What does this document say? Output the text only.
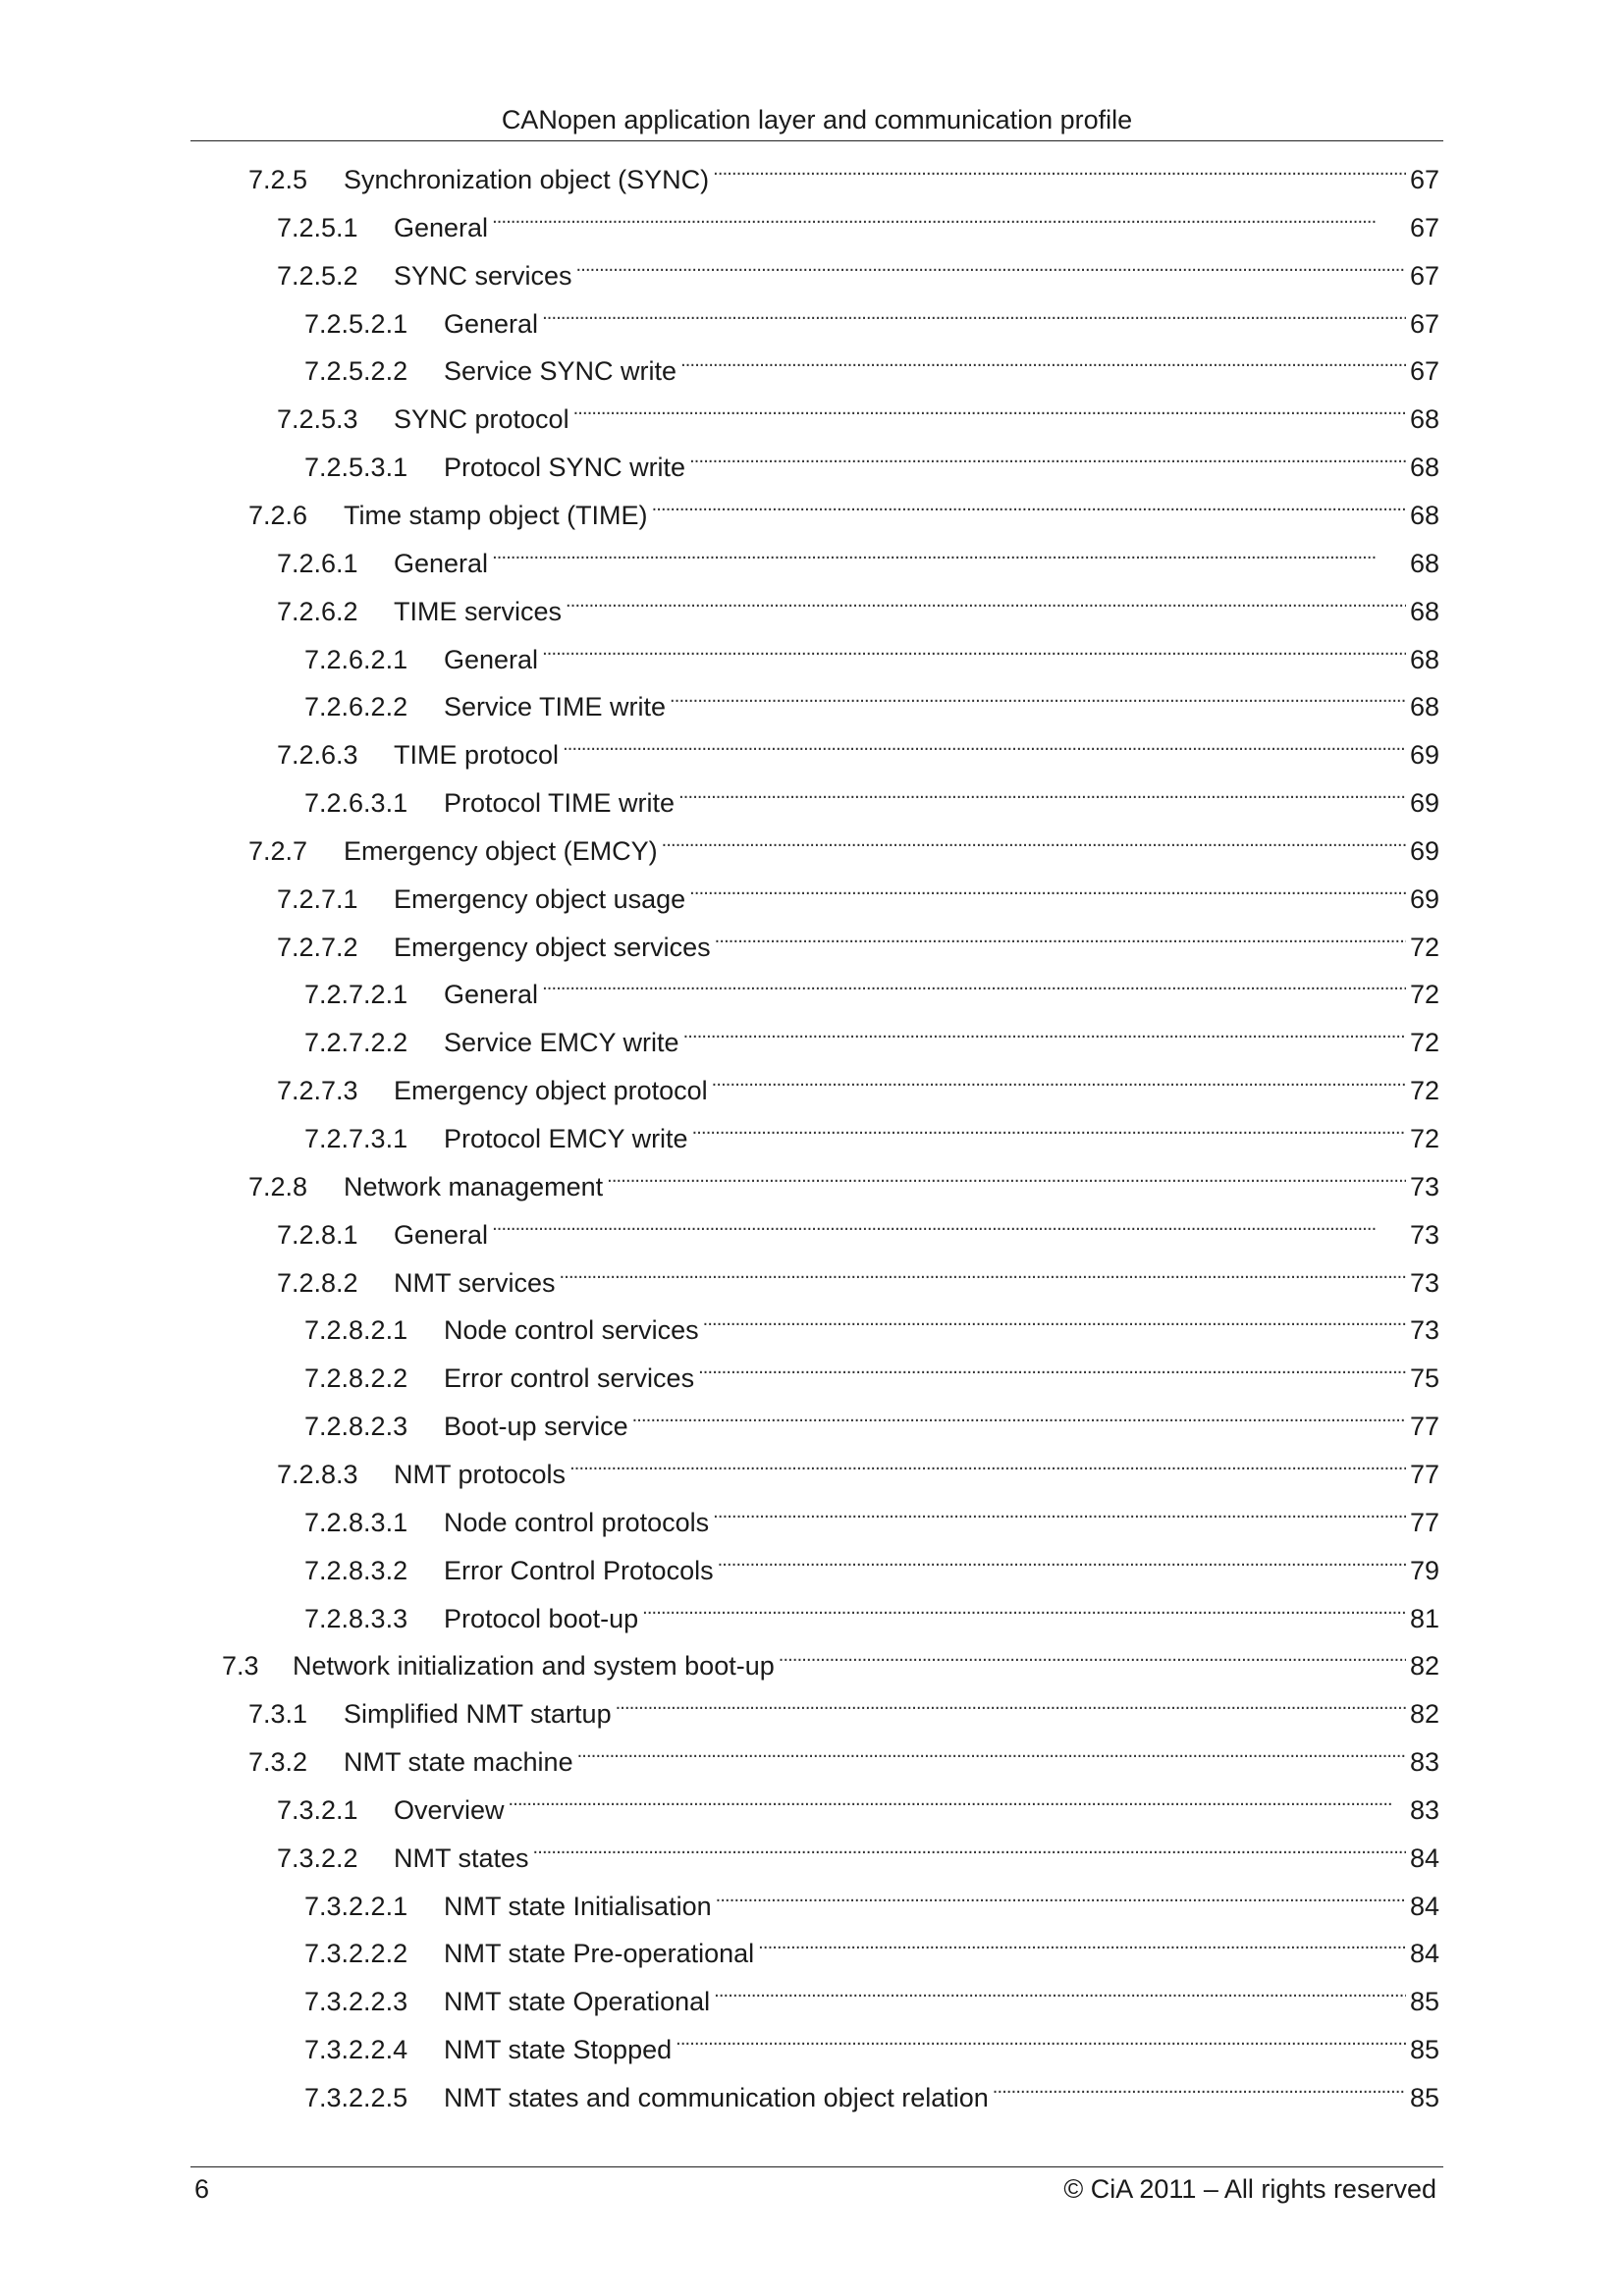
CANopen application layer and communication profile
7.2.5	Synchronization object (SYNC) . . .	67
7.2.5.1	General . . .	67
7.2.5.2	SYNC services . . .	67
7.2.5.2.1	General . . .	67
7.2.5.2.2	Service SYNC write . . .	67
7.2.5.3	SYNC protocol . . .	68
7.2.5.3.1	Protocol SYNC write . . .	68
7.2.6	Time stamp object (TIME) . . .	68
7.2.6.1	General . . .	68
7.2.6.2	TIME services . . .	68
7.2.6.2.1	General . . .	68
7.2.6.2.2	Service TIME write . . .	68
7.2.6.3	TIME protocol . . .	69
7.2.6.3.1	Protocol TIME write . . .	69
7.2.7	Emergency object (EMCY) . . .	69
7.2.7.1	Emergency object usage . . .	69
7.2.7.2	Emergency object services . . .	72
7.2.7.2.1	General . . .	72
7.2.7.2.2	Service EMCY write . . .	72
7.2.7.3	Emergency object protocol . . .	72
7.2.7.3.1	Protocol EMCY write . . .	72
7.2.8	Network management . . .	73
7.2.8.1	General . . .	73
7.2.8.2	NMT services . . .	73
7.2.8.2.1	Node control services . . .	73
7.2.8.2.2	Error control services . . .	75
7.2.8.2.3	Boot-up service . . .	77
7.2.8.3	NMT protocols . . .	77
7.2.8.3.1	Node control protocols . . .	77
7.2.8.3.2	Error Control Protocols . . .	79
7.2.8.3.3	Protocol boot-up . . .	81
7.3	Network initialization and system boot-up . . .	82
7.3.1	Simplified NMT startup . . .	82
7.3.2	NMT state machine . . .	83
7.3.2.1	Overview . . .	83
7.3.2.2	NMT states . . .	84
7.3.2.2.1	NMT state Initialisation . . .	84
7.3.2.2.2	NMT state Pre-operational . . .	84
7.3.2.2.3	NMT state Operational . . .	85
7.3.2.2.4	NMT state Stopped . . .	85
7.3.2.2.5	NMT states and communication object relation . . .	85
6	© CiA 2011 – All rights reserved
